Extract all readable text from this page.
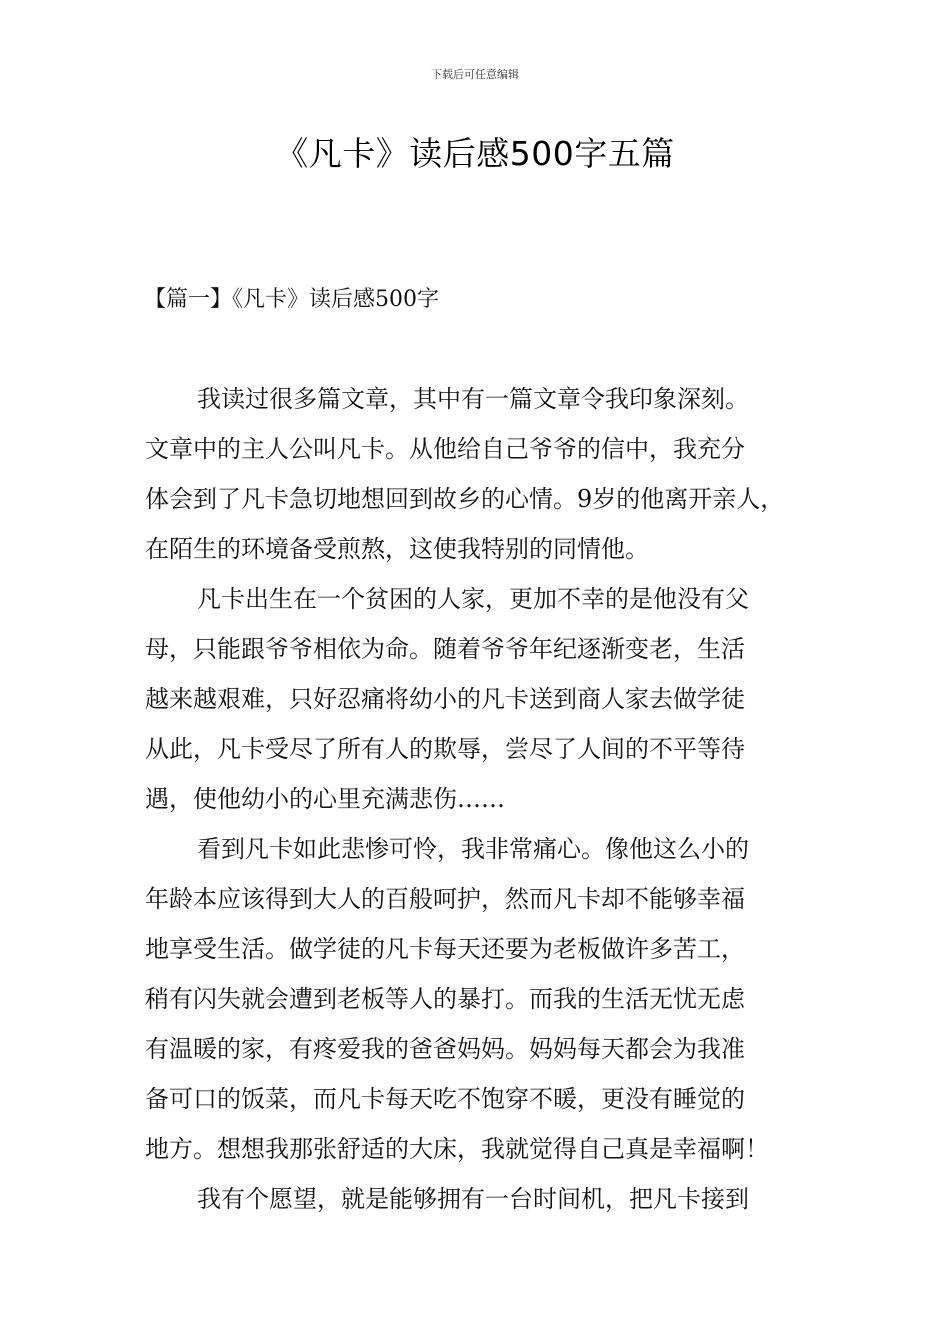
下载后可任意编辑
《凡卡》读后感500字五篇
【篇一】《凡卡》读后感500字
我读过很多篇文章，其中有一篇文章令我印象深刻。
文章中的主人公叫凡卡。从他给自己爷爷的信中，我充分
体会到了凡卡急切地想回到故乡的心情。9岁的他离开亲人，
在陌生的环境备受煎熬，这使我特别的同情他。
凡卡出生在一个贫困的人家，更加不幸的是他没有父
母，只能跟爷爷相依为命。随着爷爷年纪逐渐变老，生活
越来越艰难，只好忍痛将幼小的凡卡送到商人家去做学徒
从此，凡卡受尽了所有人的欺辱，尝尽了人间的不平等待
遇，使他幼小的心里充满悲伤……
看到凡卡如此悲惨可怜，我非常痛心。像他这么小的
年龄本应该得到大人的百般呵护，然而凡卡却不能够幸福
地享受生活。做学徒的凡卡每天还要为老板做许多苦工，
稍有闪失就会遭到老板等人的暴打。而我的生活无忧无虑
有温暖的家，有疼爱我的爸爸妈妈。妈妈每天都会为我准
备可口的饭菜，而凡卡每天吃不饱穿不暖，更没有睡觉的
地方。想想我那张舒适的大床，我就觉得自己真是幸福啊！
我有个愿望，就是能够拥有一台时间机，把凡卡接到
